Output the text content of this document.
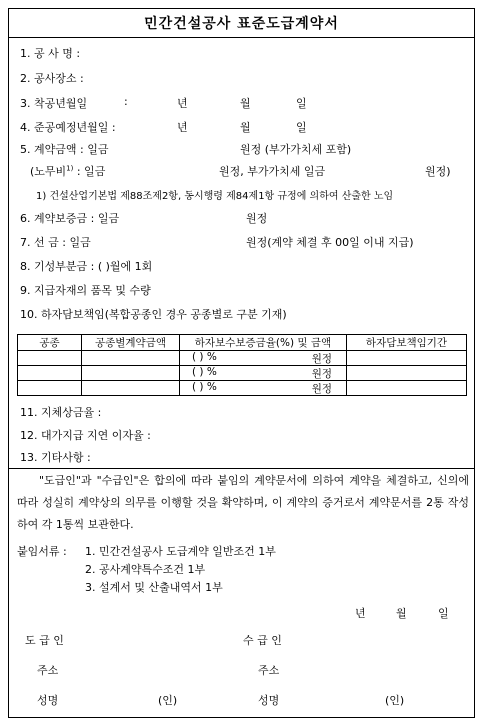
민간건설공사 표준도급계약서
1. 공 사 명 :
2. 공사장소 :
3. 착공년월일	:	년	월	일
4. 준공예정년월일 :	년	월	일
5. 계약금액 : 일금	원정 (부가가치세 포함)
(노무비$^{1)}$ : 일금	원정, 부가가치세 일금	원정)
1) 건설산업기본법 제88조제2항, 동시행령 제84제1항 규정에 의하여 산출한 노임
6. 계약보증금 : 일금	원정
7. 선 금 : 일금	원정(계약 체결 후 00일 이내 지급)
8. 기성부분금 : ( )월에 1회
9. 지급자재의 품목 및 수량
10. 하자담보책임(복합공종인 경우 공종별로 구분 기재)
공종	공종별계약금액	하자보수보증금율(%) 및 금액	하자담보책임기간

		( ) % 원정	

		( ) % 원정	

		( ) % 원정	

11. 지체상금율 :
12. 대가지급 지연 이자율 :
13. 기타사항 :
"도급인"과 "수급인"은 합의에 따라 붙임의 계약문서에 의하여 계약을 체결하고, 신의에 따라 성실히 계약상의 의무를 이행할 것을 확약하며, 이 계약의 증거로서 계약문서를 2통 작성하여 각 1통씩 보관한다.
붙임서류 : 1. 민간건설공사 도급계약 일반조건 1부
2. 공사계약특수조건 1부
3. 설계서 및 산출내역서 1부
년	월	일
도 급 인	수 급 인
주소	주소
성명	(인)	성명	(인)
